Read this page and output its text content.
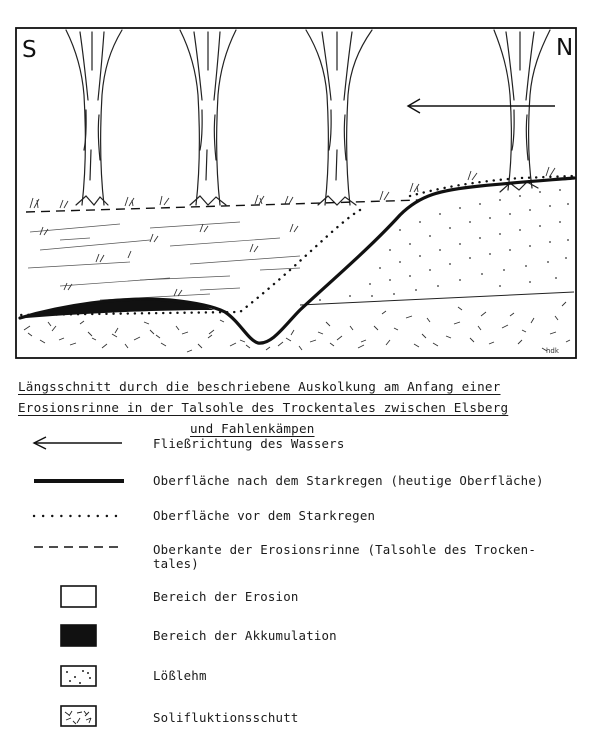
S	N
hdk
Längsschnitt durch die beschriebene Auskolkung am Anfang einer
Erosionsrinne in der Talsohle des Trockentales zwischen Elsberg
und Fahlenkämpen
Fließrichtung des Wassers
Oberfläche nach dem Starkregen (heutige Oberfläche)
Oberfläche vor dem Starkregen
Oberkante der Erosionsrinne (Talsohle des Trocken-
tales)
Bereich der Erosion
Bereich der Akkumulation
Lößlehm
Solifluktionsschutt
